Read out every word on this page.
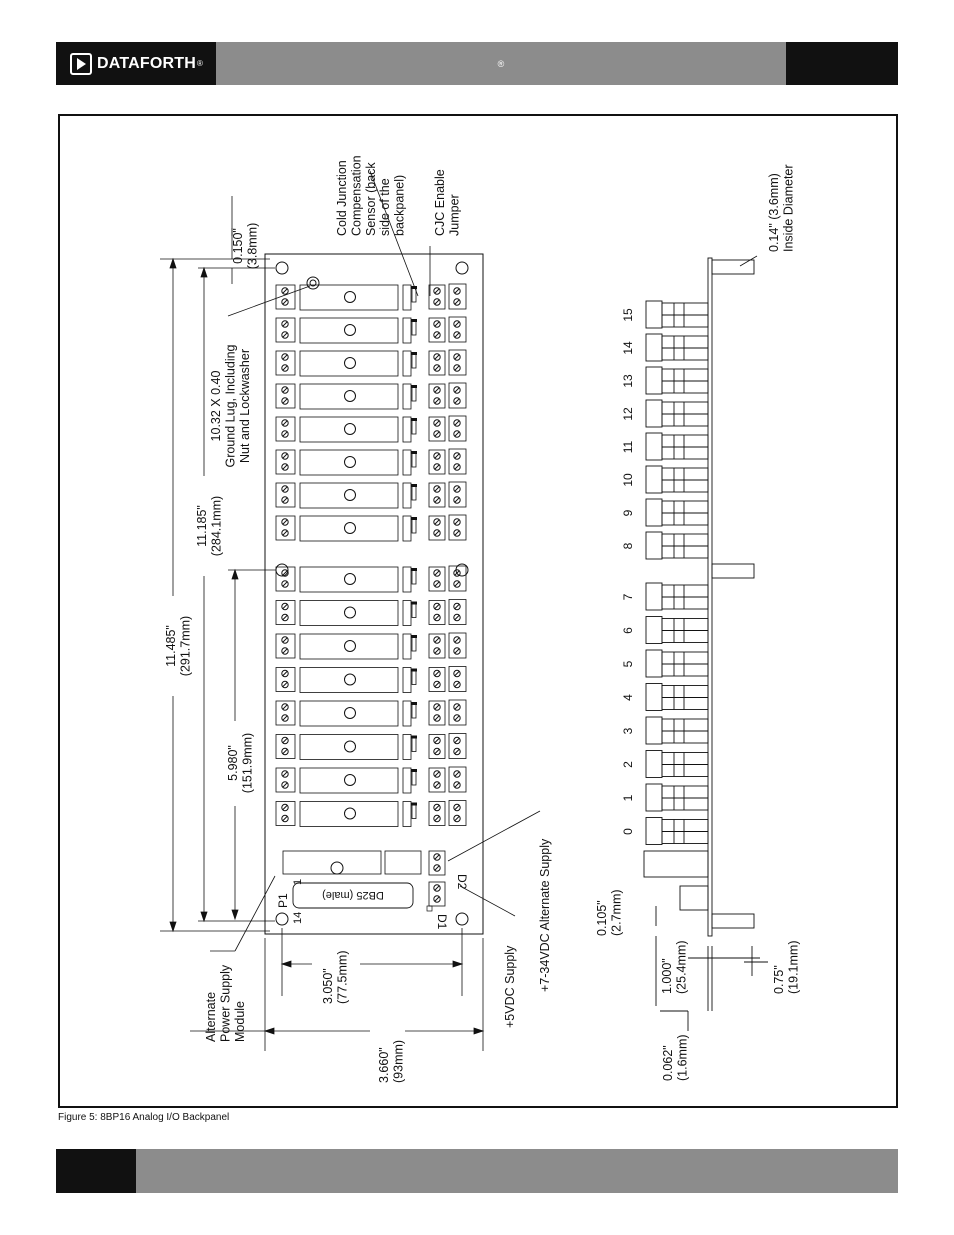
DATAFORTH ®	®
DB25 (male)
P1
14
1
D1
D2
0
1
2
3
4
5
6
7
8
9
10
11
12
13
14
15
Cold JunctionCompensationSensor (backside of thebackpanel) CJC EnableJumper	0.14" (3.6mm)Inside Diameter
0.150"(3.8mm)
10.32 X 0.40Ground Lug, IncludingNut and Lockwasher
11.185"(284.1mm)
11.485"(291.7mm)
5.980"(151.9mm)
AlternatePower SupplyModule
3.050"(77.5mm)
3.660"(93mm)
+5VDC Supply +7-34VDC Alternate Supply	0.105"(2.7mm)
1.000"(25.4mm)	0.75"(19.1mm)
0.062"(1.6mm)
Figure 5: 8BP16 Analog I/O Backpanel
